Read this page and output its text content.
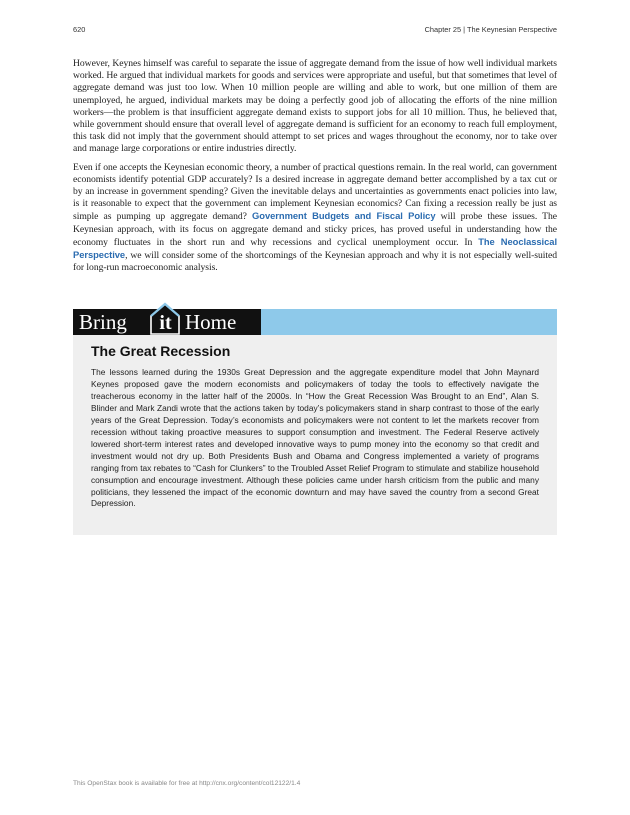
620	Chapter 25 | The Keynesian Perspective

However, Keynes himself was careful to separate the issue of aggregate demand from the issue of how well individual markets worked. He argued that individual markets for goods and services were appropriate and useful, but that sometimes that level of aggregate demand was just too low. When 10 million people are willing and able to work, but one million of them are unemployed, he argued, individual markets may be doing a perfectly good job of allocating the efforts of the nine million workers—the problem is that insufficient aggregate demand exists to support jobs for all 10 million. Thus, he believed that, while government should ensure that overall level of aggregate demand is sufficient for an economy to reach full employment, this task did not imply that the government should attempt to set prices and wages throughout the economy, nor to take over and manage large corporations or entire industries directly.

Even if one accepts the Keynesian economic theory, a number of practical questions remain. In the real world, can government economists identify potential GDP accurately? Is a desired increase in aggregate demand better accomplished by a tax cut or by an increase in government spending? Given the inevitable delays and uncertainties as governments enact policies into law, is it reasonable to expect that the government can implement Keynesian economics? Can fixing a recession really be just as simple as pumping up aggregate demand? Government Budgets and Fiscal Policy will probe these issues. The Keynesian approach, with its focus on aggregate demand and sticky prices, has proved useful in understanding how the economy fluctuates in the short run and why recessions and cyclical unemployment occur. In The Neoclassical Perspective, we will consider some of the shortcomings of the Keynesian approach and why it is not especially well-suited for long-run macroeconomic analysis.

Bring	it Home
The Great Recession

The lessons learned during the 1930s Great Depression and the aggregate expenditure model that John Maynard Keynes proposed gave the modern economists and policymakers of today the tools to effectively navigate the treacherous economy in the latter half of the 2000s. In “How the Great Recession Was Brought to an End”, Alan S. Blinder and Mark Zandi wrote that the actions taken by today’s policymakers stand in sharp contrast to those of the early years of the Great Depression. Today’s economists and policymakers were not content to let the markets recover from recession without taking proactive measures to support consumption and investment. The Federal Reserve actively lowered short-term interest rates and developed innovative ways to pump money into the economy so that credit and investment would not dry up. Both Presidents Bush and Obama and Congress implemented a variety of programs ranging from tax rebates to “Cash for Clunkers” to the Troubled Asset Relief Program to stimulate and stabilize household consumption and encourage investment. Although these policies came under harsh criticism from the public and many politicians, they lessened the impact of the economic downturn and may have saved the country from a second Great Depression.

This OpenStax book is available for free at http://cnx.org/content/col12122/1.4
